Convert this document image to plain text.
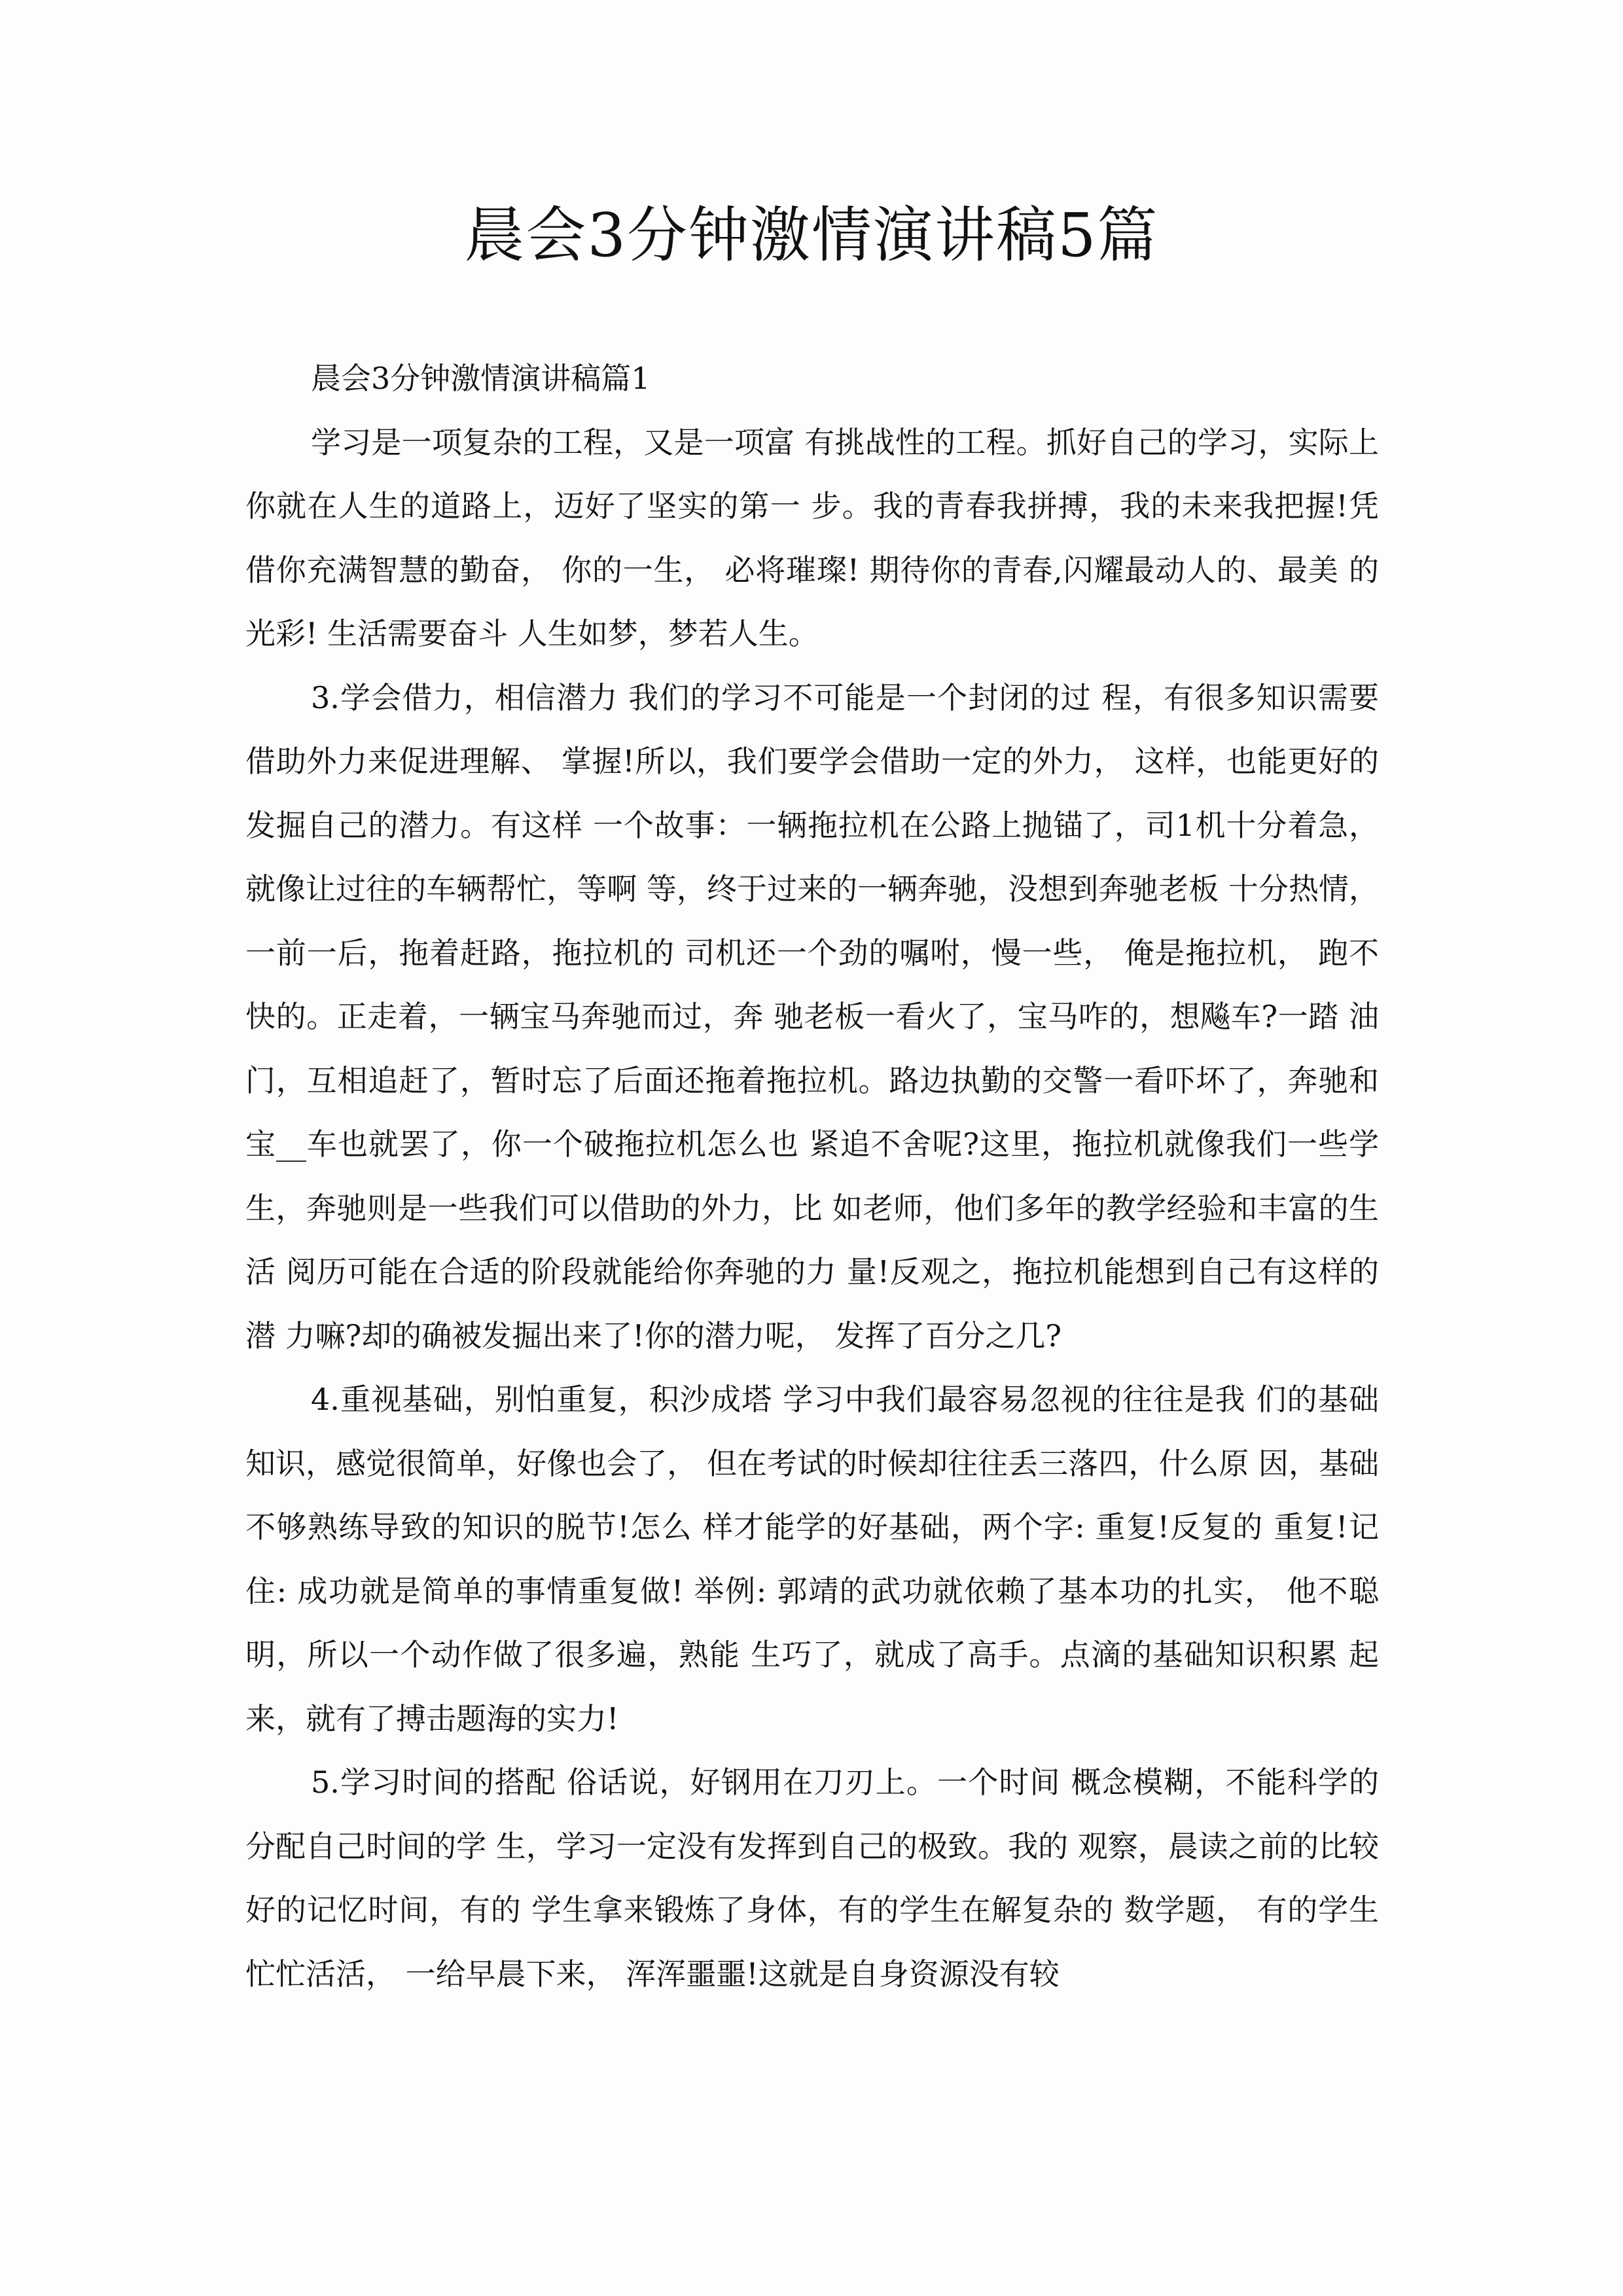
晨会3分钟激情演讲稿5篇

晨会3分钟激情演讲稿篇1

学习是一项复杂的工程，又是一项富 有挑战性的工程。抓好自己的学习，实际上 你就在人生的道路上，迈好了坚实的第一 步。我的青春我拼搏，我的未来我把握!凭 借你充满智慧的勤奋， 你的一生， 必将璀璨! 期待你的青春,闪耀最动人的、最美 的光彩! 生活需要奋斗 人生如梦，梦若人生。

3.学会借力，相信潜力 我们的学习不可能是一个封闭的过 程，有很多知识需要借助外力来促进理解、 掌握!所以，我们要学会借助一定的外力， 这样，也能更好的发掘自己的潜力。有这样 一个故事：一辆拖拉机在公路上抛锚了，司1机十分着急，就像让过往的车辆帮忙，等啊 等，终于过来的一辆奔驰，没想到奔驰老板 十分热情，一前一后，拖着赶路，拖拉机的 司机还一个劲的嘱咐，慢一些， 俺是拖拉机， 跑不快的。正走着，一辆宝马奔驰而过，奔 驰老板一看火了，宝马咋的，想飚车?一踏 油门，互相追赶了，暂时忘了后面还拖着拖拉机。路边执勤的交警一看吓坏了，奔驰和 宝__车也就罢了，你一个破拖拉机怎么也 紧追不舍呢?这里，拖拉机就像我们一些学 生，奔驰则是一些我们可以借助的外力，比 如老师，他们多年的教学经验和丰富的生活 阅历可能在合适的阶段就能给你奔驰的力 量!反观之，拖拉机能想到自己有这样的潜 力嘛?却的确被发掘出来了!你的潜力呢， 发挥了百分之几?

4.重视基础，别怕重复，积沙成塔 学习中我们最容易忽视的往往是我 们的基础知识，感觉很简单，好像也会了， 但在考试的时候却往往丢三落四，什么原 因，基础不够熟练导致的知识的脱节!怎么 样才能学的好基础，两个字: 重复!反复的 重复!记住: 成功就是简单的事情重复做! 举例: 郭靖的武功就依赖了基本功的扎实， 他不聪明，所以一个动作做了很多遍，熟能 生巧了，就成了高手。点滴的基础知识积累 起来，就有了搏击题海的实力!

5.学习时间的搭配 俗话说，好钢用在刀刃上。一个时间 概念模糊，不能科学的分配自己时间的学 生，学习一定没有发挥到自己的极致。我的 观察，晨读之前的比较好的记忆时间，有的 学生拿来锻炼了身体，有的学生在解复杂的 数学题， 有的学生忙忙活活， 一给早晨下来， 浑浑噩噩!这就是自身资源没有较
